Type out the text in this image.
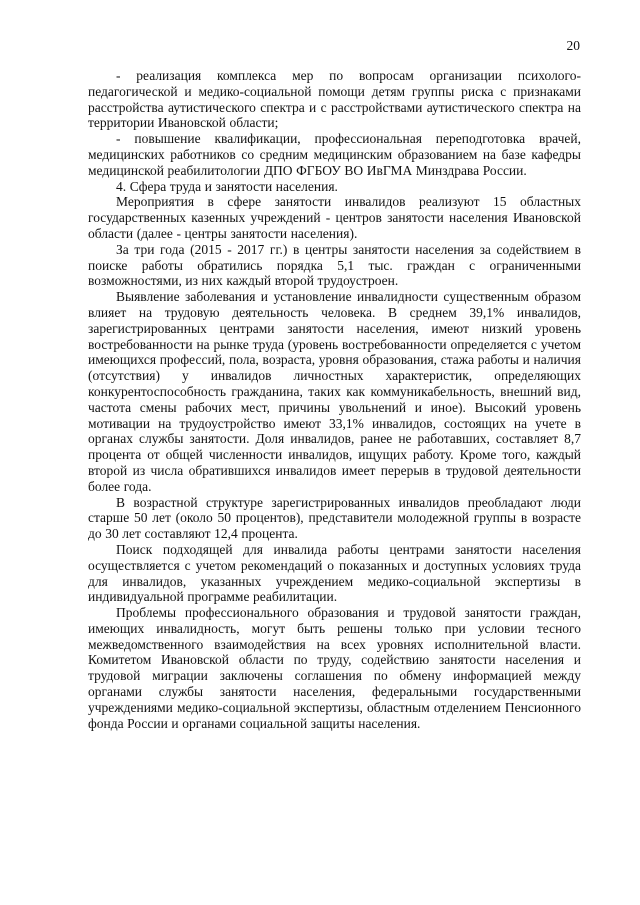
20

- реализация комплекса мер по вопросам организации психолого-педагогической и медико-социальной помощи детям группы риска с признаками расстройства аутистического спектра и с расстройствами аутистического спектра на территории Ивановской области;

- повышение квалификации, профессиональная переподготовка врачей, медицинских работников со средним медицинским образованием на базе кафедры медицинской реабилитологии ДПО ФГБОУ ВО ИвГМА Минздрава России.

4. Сфера труда и занятости населения.

Мероприятия в сфере занятости инвалидов реализуют 15 областных государственных казенных учреждений - центров занятости населения Ивановской области (далее - центры занятости населения).

За три года (2015 - 2017 гг.) в центры занятости населения за содействием в поиске работы обратились порядка 5,1 тыс. граждан с ограниченными возможностями, из них каждый второй трудоустроен.

Выявление заболевания и установление инвалидности существенным образом влияет на трудовую деятельность человека. В среднем 39,1% инвалидов, зарегистрированных центрами занятости населения, имеют низкий уровень востребованности на рынке труда (уровень востребованности определяется с учетом имеющихся профессий, пола, возраста, уровня образования, стажа работы и наличия (отсутствия) у инвалидов личностных характеристик, определяющих конкурентоспособность гражданина, таких как коммуникабельность, внешний вид, частота смены рабочих мест, причины увольнений и иное). Высокий уровень мотивации на трудоустройство имеют 33,1% инвалидов, состоящих на учете в органах службы занятости. Доля инвалидов, ранее не работавших, составляет 8,7 процента от общей численности инвалидов, ищущих работу. Кроме того, каждый второй из числа обратившихся инвалидов имеет перерыв в трудовой деятельности более года.

В возрастной структуре зарегистрированных инвалидов преобладают люди старше 50 лет (около 50 процентов), представители молодежной группы в возрасте до 30 лет составляют 12,4 процента.

Поиск подходящей для инвалида работы центрами занятости населения осуществляется с учетом рекомендаций о показанных и доступных условиях труда для инвалидов, указанных учреждением медико-социальной экспертизы в индивидуальной программе реабилитации.

Проблемы профессионального образования и трудовой занятости граждан, имеющих инвалидность, могут быть решены только при условии тесного межведомственного взаимодействия на всех уровнях исполнительной власти. Комитетом Ивановской области по труду, содействию занятости населения и трудовой миграции заключены соглашения по обмену информацией между органами службы занятости населения, федеральными государственными учреждениями медико-социальной экспертизы, областным отделением Пенсионного фонда России и органами социальной защиты населения.
